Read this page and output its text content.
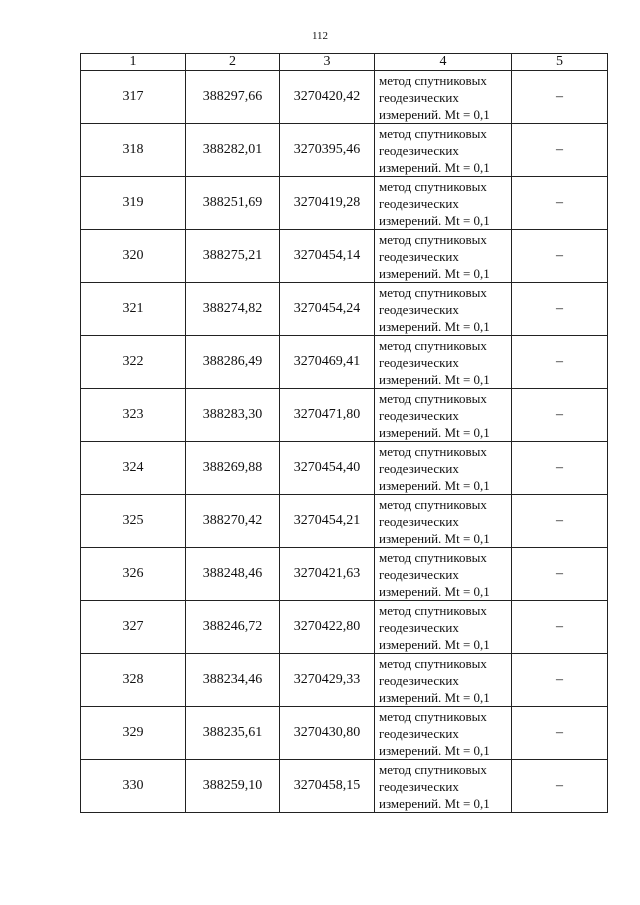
112
1	2	3	4	5
317	388297,66	3270420,42	метод спутниковых
геодезических
измерений. Mt = 0,1	–
318	388282,01	3270395,46	метод спутниковых
геодезических
измерений. Mt = 0,1	–
319	388251,69	3270419,28	метод спутниковых
геодезических
измерений. Mt = 0,1	–
320	388275,21	3270454,14	метод спутниковых
геодезических
измерений. Mt = 0,1	–
321	388274,82	3270454,24	метод спутниковых
геодезических
измерений. Mt = 0,1	–
322	388286,49	3270469,41	метод спутниковых
геодезических
измерений. Mt = 0,1	–
323	388283,30	3270471,80	метод спутниковых
геодезических
измерений. Mt = 0,1	–
324	388269,88	3270454,40	метод спутниковых
геодезических
измерений. Mt = 0,1	–
325	388270,42	3270454,21	метод спутниковых
геодезических
измерений. Mt = 0,1	–
326	388248,46	3270421,63	метод спутниковых
геодезических
измерений. Mt = 0,1	–
327	388246,72	3270422,80	метод спутниковых
геодезических
измерений. Mt = 0,1	–
328	388234,46	3270429,33	метод спутниковых
геодезических
измерений. Mt = 0,1	–
329	388235,61	3270430,80	метод спутниковых
геодезических
измерений. Mt = 0,1	–
330	388259,10	3270458,15	метод спутниковых
геодезических
измерений. Mt = 0,1	–
